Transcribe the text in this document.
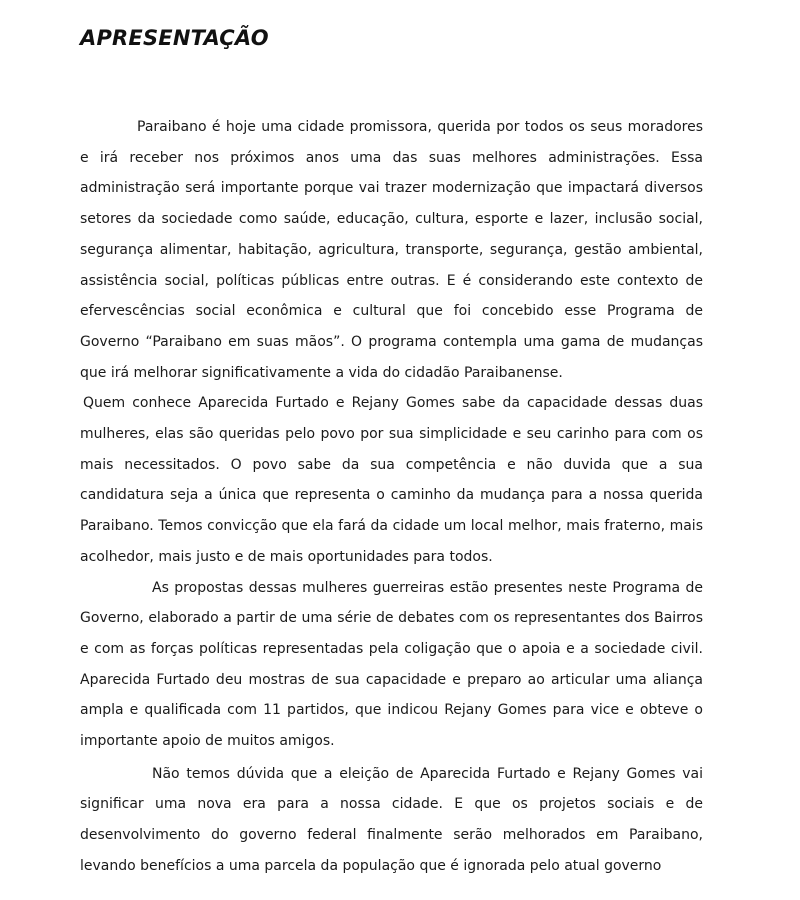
APRESENTAÇÃO

Paraibano é hoje uma cidade promissora, querida por todos os seus moradores e irá receber nos próximos anos uma das suas melhores administrações. Essa administração será importante porque vai trazer modernização que impactará diversos setores da sociedade como saúde, educação, cultura, esporte e lazer, inclusão social, segurança alimentar, habitação, agricultura, transporte, segurança, gestão ambiental, assistência social, políticas públicas entre outras. E é considerando este contexto de efervescências social econômica e cultural que foi concebido esse Programa de Governo “Paraibano em suas mãos”. O programa contempla uma gama de mudanças que irá melhorar significativamente a vida do cidadão Paraibanense.

Quem conhece Aparecida Furtado e Rejany Gomes sabe da capacidade dessas duas mulheres, elas são queridas pelo povo por sua simplicidade e seu carinho para com os mais necessitados. O povo sabe da sua competência e não duvida que a sua candidatura seja a única que representa o caminho da mudança para a nossa querida Paraibano. Temos convicção que ela fará da cidade um local melhor, mais fraterno, mais acolhedor, mais justo e de mais oportunidades para todos.

As propostas dessas mulheres guerreiras estão presentes neste Programa de Governo, elaborado a partir de uma série de debates com os representantes dos Bairros e com as forças políticas representadas pela coligação que o apoia e a sociedade civil. Aparecida Furtado deu mostras de sua capacidade e preparo ao articular uma aliança ampla e qualificada com 11 partidos, que indicou Rejany Gomes para vice e obteve o importante apoio de muitos amigos.

Não temos dúvida que a eleição de Aparecida Furtado e Rejany Gomes vai significar uma nova era para a nossa cidade. E que os projetos sociais e de desenvolvimento do governo federal finalmente serão melhorados em Paraibano, levando benefícios a uma parcela da população que é ignorada pelo atual governo
